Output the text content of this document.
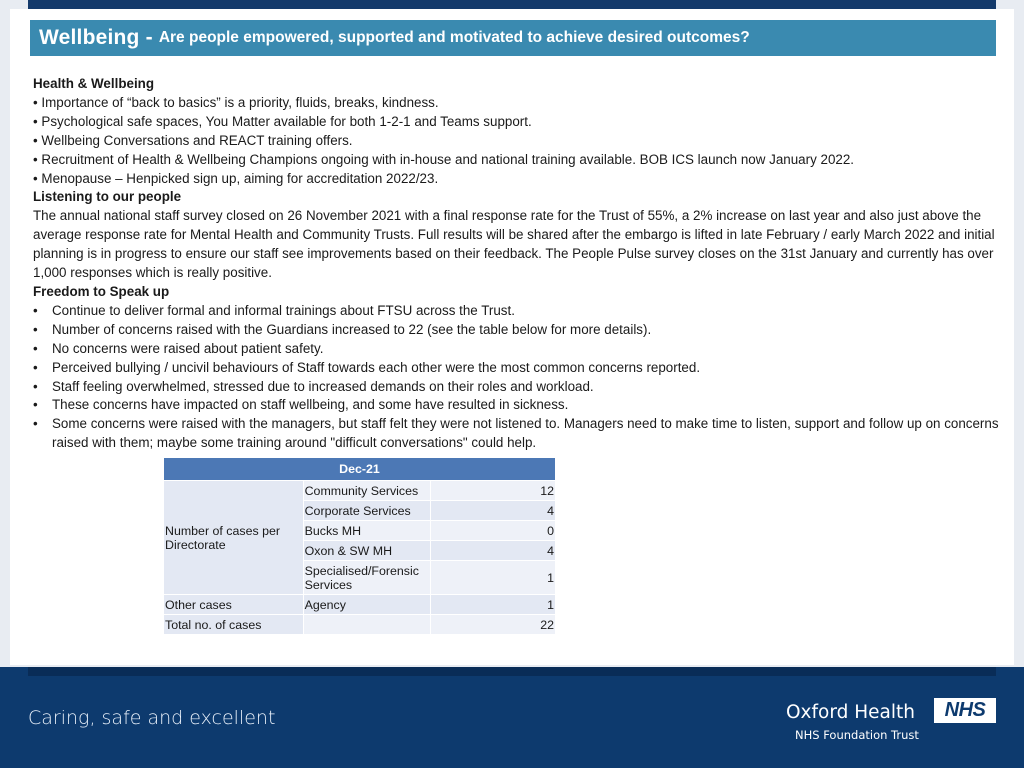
Wellbeing - Are people empowered, supported and motivated to achieve desired outcomes?

Health & Wellbeing

• Importance of “back to basics” is a priority, fluids, breaks, kindness.

• Psychological safe spaces, You Matter available for both 1-2-1 and Teams support.

• Wellbeing Conversations and REACT training offers.

• Recruitment of Health & Wellbeing Champions ongoing with in-house and national training available. BOB ICS launch now January 2022.

• Menopause – Henpicked sign up, aiming for accreditation 2022/23.

Listening to our people

The annual national staff survey closed on 26 November 2021 with a final response rate for the Trust of 55%, a 2% increase on last year and also just above the average response rate for Mental Health and Community Trusts. Full results will be shared after the embargo is lifted in late February / early March 2022 and initial planning is in progress to ensure our staff see improvements based on their feedback. The People Pulse survey closes on the 31st January and currently has over 1,000 responses which is really positive.

Freedom to Speak up

•	Continue to deliver formal and informal trainings about FTSU across the Trust.
•	Number of concerns raised with the Guardians increased to 22 (see the table below for more details).
•	No concerns were raised about patient safety.
•	Perceived bullying / uncivil behaviours of Staff towards each other were the most common concerns reported.
•	Staff feeling overwhelmed, stressed due to increased demands on their roles and workload.
•	These concerns have impacted on staff wellbeing, and some have resulted in sickness.
•	Some concerns were raised with the managers, but staff felt they were not listened to. Managers need to make time to listen, support and follow up on concerns raised with them; maybe some training around "difficult conversations" could help.
Dec-21		
Number of cases per Directorate	Community Services	12
	Corporate Services	4
	Bucks MH	0
	Oxon & SW MH	4
	Specialised/Forensic Services	1
Other cases	Agency	1
Total no. of cases		22
Caring, safe and excellent	Oxford Health
NHS Foundation Trust
NHS
